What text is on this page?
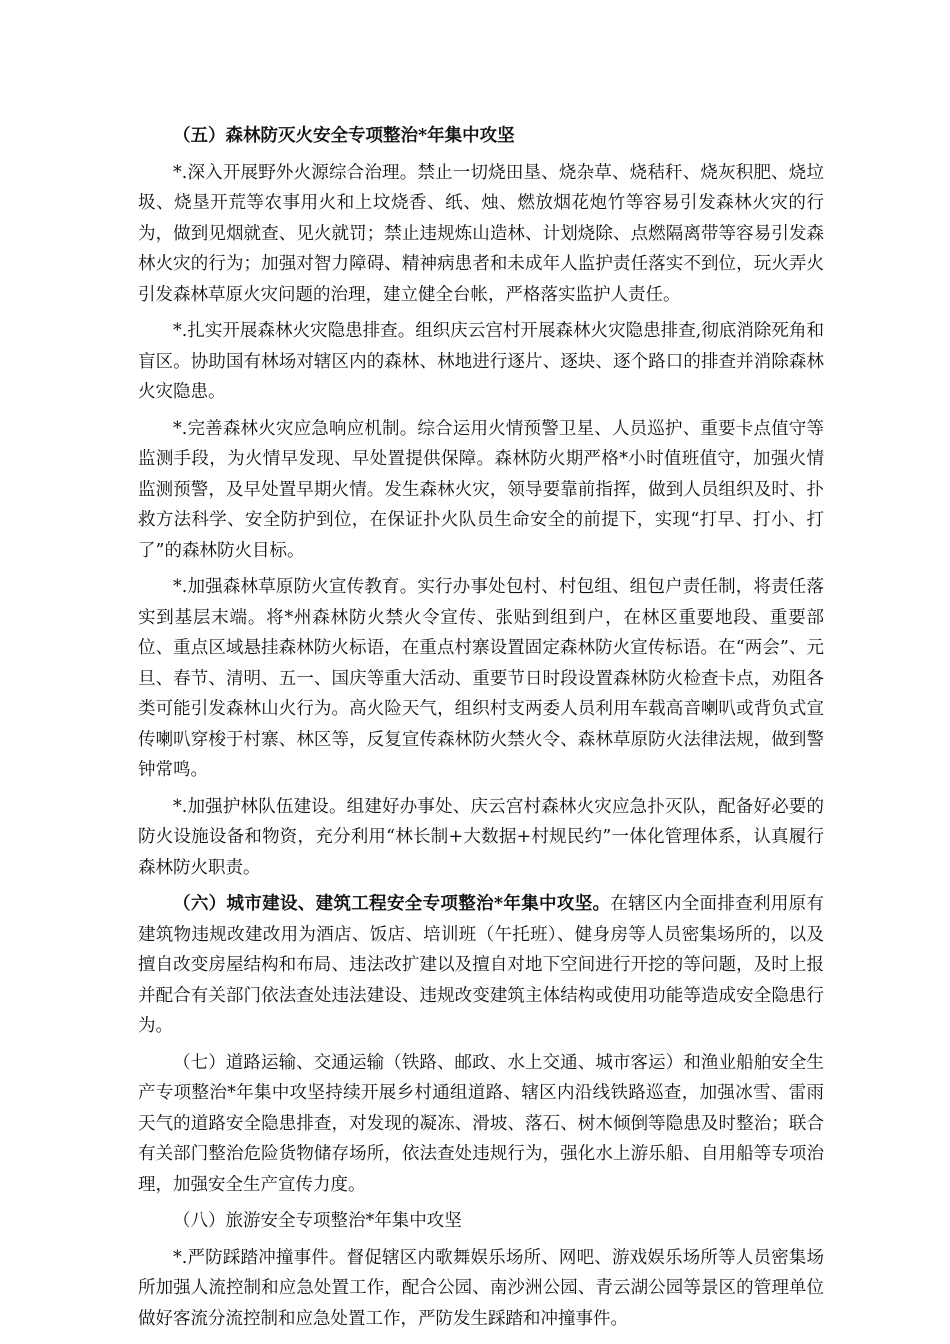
（五）森林防灭火安全专项整治*年集中攻坚

*.深入开展野外火源综合治理。禁止一切烧田垦、烧杂草、烧秸秆、烧灰积肥、烧垃圾、烧垦开荒等农事用火和上坟烧香、纸、烛、燃放烟花炮竹等容易引发森林火灾的行为，做到见烟就查、见火就罚；禁止违规炼山造林、计划烧除、点燃隔离带等容易引发森林火灾的行为；加强对智力障碍、精神病患者和未成年人监护责任落实不到位，玩火弄火引发森林草原火灾问题的治理，建立健全台帐，严格落实监护人责任。

*.扎实开展森林火灾隐患排查。组织庆云宫村开展森林火灾隐患排查,彻底消除死角和盲区。协助国有林场对辖区内的森林、林地进行逐片、逐块、逐个路口的排查并消除森林火灾隐患。

*.完善森林火灾应急响应机制。综合运用火情预警卫星、人员巡护、重要卡点值守等监测手段，为火情早发现、早处置提供保障。森林防火期严格*小时值班值守，加强火情监测预警，及早处置早期火情。发生森林火灾，领导要靠前指挥，做到人员组织及时、扑救方法科学、安全防护到位，在保证扑火队员生命安全的前提下，实现“打早、打小、打了”的森林防火目标。

*.加强森林草原防火宣传教育。实行办事处包村、村包组、组包户责任制，将责任落实到基层末端。将*州森林防火禁火令宣传、张贴到组到户，在林区重要地段、重要部位、重点区域悬挂森林防火标语，在重点村寨设置固定森林防火宣传标语。在“两会”、元旦、春节、清明、五一、国庆等重大活动、重要节日时段设置森林防火检查卡点，劝阻各类可能引发森林山火行为。高火险天气，组织村支两委人员利用车载高音喇叭或背负式宣传喇叭穿梭于村寨、林区等，反复宣传森林防火禁火令、森林草原防火法律法规，做到警钟常鸣。

*.加强护林队伍建设。组建好办事处、庆云宫村森林火灾应急扑灭队，配备好必要的防火设施设备和物资，充分利用“林长制+大数据+村规民约”一体化管理体系，认真履行森林防火职责。

（六）城市建设、建筑工程安全专项整治*年集中攻坚。在辖区内全面排查利用原有建筑物违规改建改用为酒店、饭店、培训班（午托班）、健身房等人员密集场所的，以及擅自改变房屋结构和布局、违法改扩建以及擅自对地下空间进行开挖的等问题，及时上报并配合有关部门依法查处违法建设、违规改变建筑主体结构或使用功能等造成安全隐患行为。

（七）道路运输、交通运输（铁路、邮政、水上交通、城市客运）和渔业船舶安全生产专项整治*年集中攻坚持续开展乡村通组道路、辖区内沿线铁路巡查，加强冰雪、雷雨天气的道路安全隐患排查，对发现的凝冻、滑坡、落石、树木倾倒等隐患及时整治；联合有关部门整治危险货物储存场所，依法查处违规行为，强化水上游乐船、自用船等专项治理，加强安全生产宣传力度。

（八）旅游安全专项整治*年集中攻坚

*.严防踩踏冲撞事件。督促辖区内歌舞娱乐场所、网吧、游戏娱乐场所等人员密集场所加强人流控制和应急处置工作，配合公园、南沙洲公园、青云湖公园等景区的管理单位做好客流分流控制和应急处置工作，严防发生踩踏和冲撞事件。
